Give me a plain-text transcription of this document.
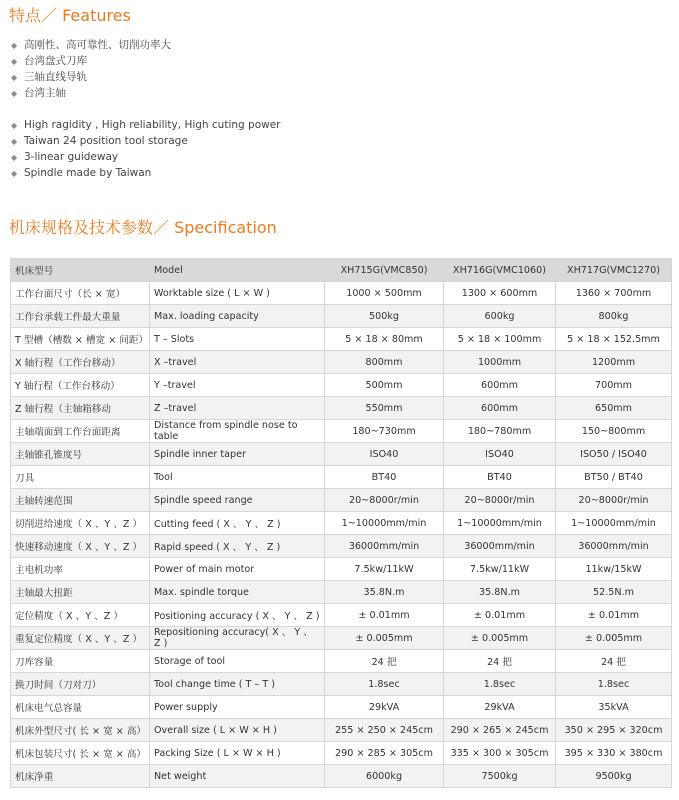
特点／ Features
◆ 高刚性、高可靠性、切削功率大
◆ 台湾盘式刀库
◆ 三轴直线导轨
◆ 台湾主轴
◆ High ragidity , High reliability, High cuting power
◆ Taiwan 24 position tool storage
◆ 3-linear guideway
◆ Spindle made by Taiwan
机床规格及技术参数／ Specification
机床型号	Model	XH715G(VMC850)	XH716G(VMC1060)	XH717G(VMC1270)
工作台面尺寸（长 × 宽）	Worktable size ( L × W )	1000 × 500mm	1300 × 600mm	1360 × 700mm
工作台承载工件最大重量	Max. loading capacity	500kg	600kg	800kg
T 型槽（槽数 × 槽宽 × 间距）	T – Slots	5 × 18 × 80mm	5 × 18 × 100mm	5 × 18 × 152.5mm
X 轴行程（工作台移动）	X –travel	800mm	1000mm	1200mm
Y 轴行程（工作台移动）	Y –travel	500mm	600mm	700mm
Z 轴行程（主轴箱移动	Z –travel	550mm	600mm	650mm
主轴端面到工作台面距离	Distance from spindle nose to table	180~730mm	180~780mm	150~800mm
主轴锥孔锥度号	Spindle inner taper	ISO40	ISO40	ISO50 / ISO40
刀具	Tool	BT40	BT40	BT50 / BT40
主轴转速范围	Spindle speed range	20~8000r/min	20~8000r/min	20~8000r/min
切削进给速度（ X 、Y 、Z ）	Cutting feed ( X 、 Y 、 Z )	1~10000mm/min	1~10000mm/min	1~10000mm/min
快速移动速度（ X 、Y 、Z ）	Rapid speed ( X 、 Y 、 Z )	36000mm/min	36000mm/min	36000mm/min
主电机功率	Power of main motor	7.5kw/11kW	7.5kw/11kW	11kw/15kW
主轴最大扭距	Max. spindle torque	35.8N.m	35.8N.m	52.5N.m
定位精度（ X 、Y 、Z ）	Positioning accuracy ( X 、 Y 、 Z )	± 0.01mm	± 0.01mm	± 0.01mm
重复定位精度（ X 、Y 、Z ）	Repositioning accuracy( X 、 Y 、 Z )	± 0.005mm	± 0.005mm	± 0.005mm
刀库容量	Storage of tool	24 把	24 把	24 把
换刀时间（刀对刀）	Tool change time ( T – T )	1.8sec	1.8sec	1.8sec
机床电气总容量	Power supply	29kVA	29kVA	35kVA
机床外型尺寸( 长 × 宽 × 高）	Overall size ( L × W × H )	255 × 250 × 245cm	290 × 265 × 245cm	350 × 295 × 320cm
机床包装尺寸( 长 × 宽 × 高）	Packing Size ( L × W × H )	290 × 285 × 305cm	335 × 300 × 305cm	395 × 330 × 380cm
机床净重	Net weight	6000kg	7500kg	9500kg
